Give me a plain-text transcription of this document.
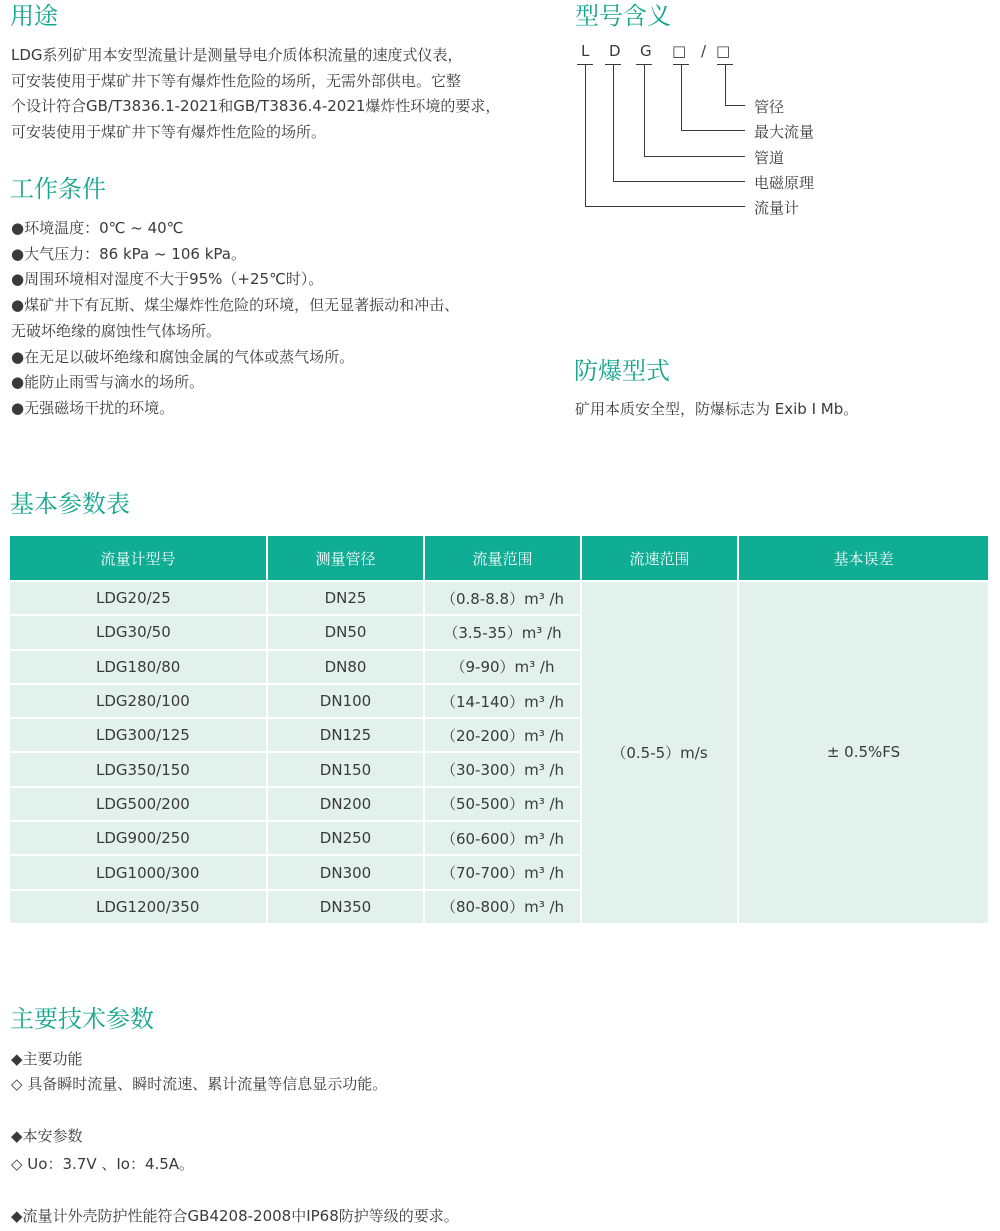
用途
LDG系列矿用本安型流量计是测量导电介质体积流量的速度式仪表，
可安装使用于煤矿井下等有爆炸性危险的场所，无需外部供电。它整
个设计符合GB/T3836.1-2021和GB/T3836.4-2021爆炸性环境的要求，
可安装使用于煤矿井下等有爆炸性危险的场所。
型号含义
L D G □ / □
管径
最大流量
管道
电磁原理
流量计
工作条件
●环境温度：0℃ ~ 40℃
●大气压力：86 kPa ~ 106 kPa。
●周围环境相对湿度不大于95%（+25℃时）。
●煤矿井下有瓦斯、煤尘爆炸性危险的环境，但无显著振动和冲击、
无破坏绝缘的腐蚀性气体场所。
●在无足以破坏绝缘和腐蚀金属的气体或蒸气场所。
●能防止雨雪与滴水的场所。
●无强磁场干扰的环境。
防爆型式
矿用本质安全型，防爆标志为 Exib I Mb。
基本参数表
流量计型号	测量管径	流量范围	流速范围	基本误差
LDG20/25	DN25	（0.8-8.8）m³ /h	（0.5-5）m/s	± 0.5%FS
LDG30/50	DN50	（3.5-35）m³ /h		
LDG180/80	DN80	（9-90）m³ /h		
LDG280/100	DN100	（14-140）m³ /h		
LDG300/125	DN125	（20-200）m³ /h		
LDG350/150	DN150	（30-300）m³ /h		
LDG500/200	DN200	（50-500）m³ /h		
LDG900/250	DN250	（60-600）m³ /h		
LDG1000/300	DN300	（70-700）m³ /h		
LDG1200/350	DN350	（80-800）m³ /h		
主要技术参数
◆主要功能
◇ 具备瞬时流量、瞬时流速、累计流量等信息显示功能。
◆本安参数
◇ Uo：3.7V 、Io：4.5A。
◆流量计外壳防护性能符合GB4208-2008中IP68防护等级的要求。
